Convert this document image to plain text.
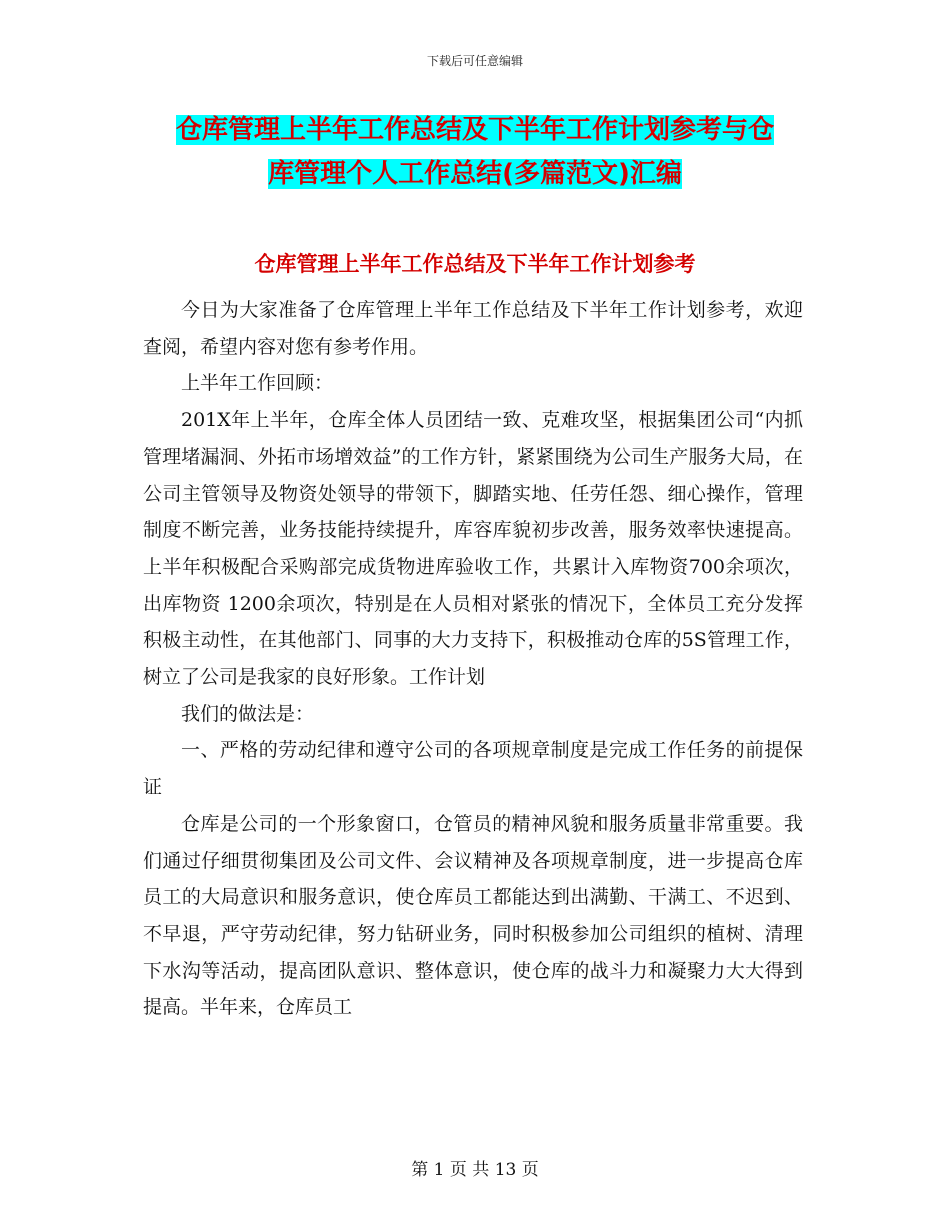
下载后可任意编辑
仓库管理上半年工作总结及下半年工作计划参考与仓
库管理个人工作总结(多篇范文)汇编
仓库管理上半年工作总结及下半年工作计划参考

今日为大家准备了仓库管理上半年工作总结及下半年工作计划参考，欢迎查阅，希望内容对您有参考作用。

上半年工作回顾：

201X年上半年，仓库全体人员团结一致、克难攻坚，根据集团公司“内抓管理堵漏洞、外拓市场增效益”的工作方针，紧紧围绕为公司生产服务大局，在公司主管领导及物资处领导的带领下，脚踏实地、任劳任怨、细心操作，管理制度不断完善，业务技能持续提升，库容库貌初步改善，服务效率快速提高。上半年积极配合采购部完成货物进库验收工作，共累计入库物资700余项次，出库物资 1200余项次，特别是在人员相对紧张的情况下，全体员工充分发挥积极主动性，在其他部门、同事的大力支持下，积极推动仓库的5S管理工作，树立了公司是我家的良好形象。工作计划

我们的做法是：

一、严格的劳动纪律和遵守公司的各项规章制度是完成工作任务的前提保证

仓库是公司的一个形象窗口，仓管员的精神风貌和服务质量非常重要。我们通过仔细贯彻集团及公司文件、会议精神及各项规章制度，进一步提高仓库员工的大局意识和服务意识，使仓库员工都能达到出满勤、干满工、不迟到、不早退，严守劳动纪律，努力钻研业务，同时积极参加公司组织的植树、清理下水沟等活动，提高团队意识、整体意识，使仓库的战斗力和凝聚力大大得到提高。半年来，仓库员工

第 1 页 共 13 页
